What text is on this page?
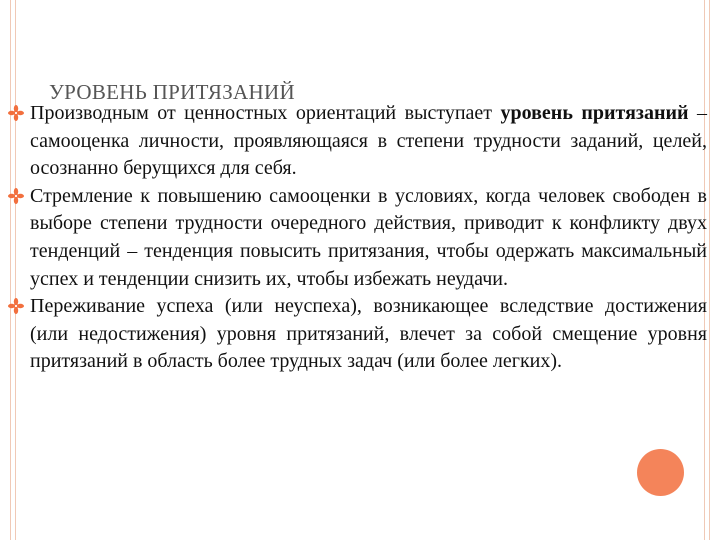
УРОВЕНЬ ПРИТЯЗАНИЙ
Производным от ценностных ориентаций выступает уровень притязаний – самооценка личности, проявляющаяся в степени трудности заданий, целей, осознанно берущихся для себя.
Стремление к повышению самооценки в условиях, когда человек свободен в выборе степени трудности очередного действия, приводит к конфликту двух тенденций – тенденция повысить притязания, чтобы одержать максимальный успех и тенденции снизить их, чтобы избежать неудачи.
Переживание успеха (или неуспеха), возникающее вследствие достижения (или недостижения) уровня притязаний, влечет за собой смещение уровня притязаний в область более трудных задач (или более легких).
